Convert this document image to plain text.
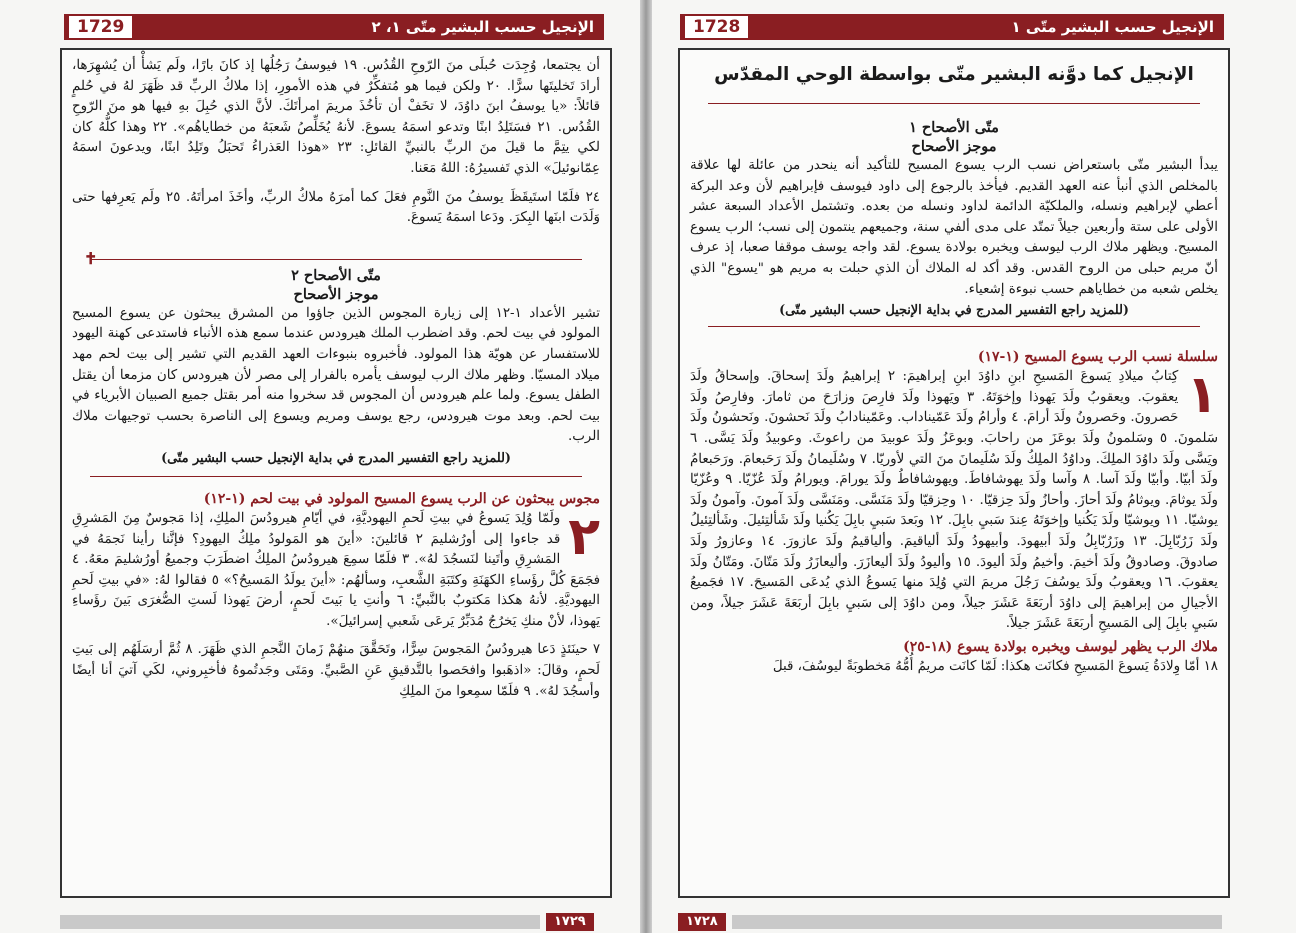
1729	الإنجيل حسب البشير متّى ١، ٢
أن يجتمعا، وُجِدَت حُبلَى منَ الرّوحِ القُدُس. ١٩ فيوسفُ رَجُلُها إذ كانَ بارًا، ولَم يَشأْ أن يُشهِرَها، أرادَ تَخليتَها سرًّا. ٢٠ ولكن فيما هو مُتفكِّرٌ في هذه الأمورِ، إذا ملاكُ الربِّ قد ظَهَرَ لهُ في حُلمٍ قائلاً: «يا يوسفُ ابنَ داوُدَ، لا تخَفْ أن تأخُذَ مريمَ امرأتَكَ. لأنَّ الذي حُبِلَ بهِ فيها هو منَ الرّوحِ القُدُس. ٢١ فسَتَلِدُ ابنًا وتدعو اسمَهُ يسوعَ. لأنهُ يُخَلِّصُ شَعبَهُ من خطاياهُم». ٢٢ وهذا كلُّهُ كان لكي يتِمَّ ما قيلَ منَ الربِّ بالنبيِّ القائلِ: ٢٣ «هوذا العَذراءُ تَحبَلُ وتَلِدُ ابنًا، ويدعونَ اسمَهُ عِمّانوئيلَ» الذي تَفسيرُهُ: اللهُ مَعَنا.
٢٤ فلَمّا استَيقَظَ يوسفُ منَ النَّومِ فعَلَ كما أمرَهُ ملاكُ الربِّ، وأخَذَ امرأتَهُ. ٢٥ ولَم يَعرِفها حتى وَلَدَت ابنَها البِكرَ. ودَعا اسمَهُ يَسوعَ.
✝
متّى الأصحاح ٢
موجز الأصحاح
تشير الأعداد ١-١٢ إلى زيارة المجوس الذين جاؤوا من المشرق يبحثون عن يسوع المسيح المولود في بيت لحم. وقد اضطرب الملك هيرودس عندما سمع هذه الأنباء فاستدعى كهنة اليهود للاستفسار عن هويّة هذا المولود. فأخبروه بنبوءات العهد القديم التي تشير إلى بيت لحم مهد ميلاد المسيّا. وظهر ملاك الرب ليوسف يأمره بالفرار إلى مصر لأن هيرودس كان مزمعا أن يقتل الطفل يسوع. ولما علم هيرودس أن المجوس قد سخروا منه أمر بقتل جميع الصبيان الأبرياء في بيت لحم. وبعد موت هيرودس، رجع يوسف ومريم ويسوع إلى الناصرة بحسب توجيهات ملاك الرب.
(للمزيد راجع التفسير المدرج في بداية الإنجيل حسب البشير متّى)
مجوس يبحثون عن الرب يسوع المسيح المولود في بيت لحم (١-١٢)
٢
ولَمّا وُلِدَ يَسوعُ في بيتِ لَحمِ اليهوديَّةِ، في أيّامِ هيرودُسَ الملِكِ، إذا مَجوسٌ مِنَ المَشرِقِ قد جاءوا إلى أورُشليمَ ٢ قائلينَ: «أينَ هو المَولودُ ملِكُ اليهودِ؟ فإنَّنا رأينا نَجمَهُ في المَشرِقِ وأتَينا لنَسجُدَ لهُ». ٣ فلَمّا سمِعَ هيرودُسُ الملِكُ اضطَرَبَ وجميعُ أورُشليمَ معَهُ. ٤ فجَمَعَ كُلَّ رؤَساءِ الكهَنَةِ وكتَبَةِ الشَّعبِ، وسألهُم: «أينَ يولَدُ المَسيحُ؟» ٥ فقالوا لهُ: «في بيتِ لَحمِ اليهوديَّةِ. لأنهُ هكذا مَكتوبٌ بالنَّبيِّ: ٦ وأنتِ يا بَيتَ لَحمٍ، أرضَ يَهوذا لَستِ الصُّغرَى بَينَ رؤَساءِ يَهوذا، لأنْ منكِ يَخرُجُ مُدَبِّرٌ يَرعَى شَعبي إسرائيلَ».
٧ حينَئذٍ دَعا هيرودُسُ المَجوسَ سِرًّا، وتَحَقَّقَ منهُمْ زَمانَ النَّجمِ الذي ظَهَرَ. ٨ ثُمَّ أرسَلَهُم إلى بَيتِ لَحمٍ، وقالَ: «اذهَبوا وافحَصوا بالتَّدقيقِ عَنِ الصَّبيِّ. ومَتَى وجَدتُموهُ فأخبِروني، لكَي آتيَ أنا أيضًا وأسجُدَ لهُ». ٩ فلَمّا سمِعوا منَ الملِكِ
١٧٢٩
1728	الإنجيل حسب البشير متّى ١
الإنجيل كما دوَّنه البشير متّى بواسطة الوحي المقدّس
متّى الأصحاح ١
موجز الأصحاح
يبدأ البشير متّى باستعراض نسب الرب يسوع المسيح للتأكيد أنه ينحدر من عائلة لها علاقة بالمخلص الذي أنبأ عنه العهد القديم. فيأخذ بالرجوع إلى داود فيوسف فإبراهيم لأن وعد البركة أعطي لإبراهيم ونسله، والملكيّة الدائمة لداود ونسله من بعده. وتشتمل الأعداد السبعة عشر الأولى على ستة وأربعين جيلاً تمتّد على مدى ألفي سنة، وجميعهم ينتمون إلى نسب؛ الرب يسوع المسيح. ويظهر ملاك الرب ليوسف ويخبره بولادة يسوع. لقد واجه يوسف موقفا صعبا، إذ عرف أنّ مريم حبلى من الروح القدس. وقد أكد له الملاك أن الذي حبلت به مريم هو "يسوع" الذي يخلص شعبه من خطاياهم حسب نبوءة إشعياء.
(للمزيد راجع التفسير المدرج في بداية الإنجيل حسب البشير متّى)
سلسلة نسب الرب يسوع المسيح (١-١٧)
١
كِتابُ ميلادِ يَسوعَ المَسيحِ ابنِ داوُدَ ابنِ إبراهيمَ: ٢ إبراهيمُ ولَدَ إسحاقَ. وإسحاقُ ولَدَ يعقوبَ. ويعقوبُ ولَدَ يَهوذا وإخوَتَهُ. ٣ ويَهوذا ولَدَ فارِصَ وزارَحَ من ثامارَ. وفارِصُ ولَدَ حَصرونَ. وحَصرونُ ولَدَ أرامَ. ٤ وأرامُ ولَدَ عَمّيناداب. وعَمّينادابُ ولَدَ نَحشونَ. ونَحشونُ ولَدَ سَلمونَ. ٥ وسَلمونُ ولَدَ بوعَزَ من راحابَ. وبوعَزُ ولَدَ عوبيدَ من راعوثَ. وعوبيدُ ولَدَ يَسَّى. ٦ ويَسَّى ولَدَ داوُدَ الملِكَ. وداوُدُ الملِكُ ولَدَ سُلَيمانَ منَ التي لأوريّا. ٧ وسُلَيمانُ ولَدَ رَحَبعامَ. ورَحَبعامُ ولَدَ أبيّا. وأبيّا ولَدَ آسا. ٨ وآسا ولَدَ يهوشافاطَ. ويهوشافاطُ ولَدَ يورامَ. ويورامُ ولَدَ عُزّيّا. ٩ وعُزّيّا ولَدَ يوثامَ. ويوثامُ ولَدَ أحازَ. وأحازُ ولَدَ حِزقيّا. ١٠ وحِزقيّا ولَدَ مَنَسَّى. ومَنَسَّى ولَدَ آمونَ. وآمونُ ولَدَ يوشيّا. ١١ ويوشيّا ولَدَ يَكُنيا وإخوَتَهُ عِندَ سَبيِ بابِلَ. ١٢ وبَعدَ سَبيِ بابِلَ يَكُنيا ولَدَ شَألتِئيلَ. وشَألتِئيلُ ولَدَ زَرُبّابِلَ. ١٣ وزَرُبّابِلُ ولَدَ أبيهودَ. وأبيهودُ ولَدَ ألياقيمَ. وألياقيمُ ولَدَ عازورَ. ١٤ وعازورُ ولَدَ صادوقَ. وصادوقُ ولَدَ أخيمَ. وأخيمُ ولَدَ أليودَ. ١٥ وأليودُ ولَدَ أليعازَرَ. وأليعازَرُ ولَدَ مَتّانَ. ومَتّانُ ولَدَ يعقوبَ. ١٦ ويعقوبُ ولَدَ يوسُفَ رَجُلَ مريمَ التي وُلِدَ منها يَسوعُ الذي يُدعَى المَسيحَ. ١٧ فجَميعُ الأجيالِ من إبراهيمَ إلى داوُدَ أربَعَةَ عَشَرَ جيلاً، ومن داوُدَ إلى سَبيِ بابِلَ أربَعَةَ عَشَرَ جيلاً، ومن سَبيِ بابِلَ إلى المَسيحِ أربَعَةَ عَشَرَ جيلاً.
ملاك الرب يظهر ليوسف ويخبره بولادة يسوع (١٨-٢٥)
١٨ أمّا وِلادَةُ يَسوعَ المَسيحِ فكانَت هكذا: لَمّا كانَت مريمُ أُمُّهُ مَخطوبَةً ليوسُفَ، قبلَ
١٧٢٨
